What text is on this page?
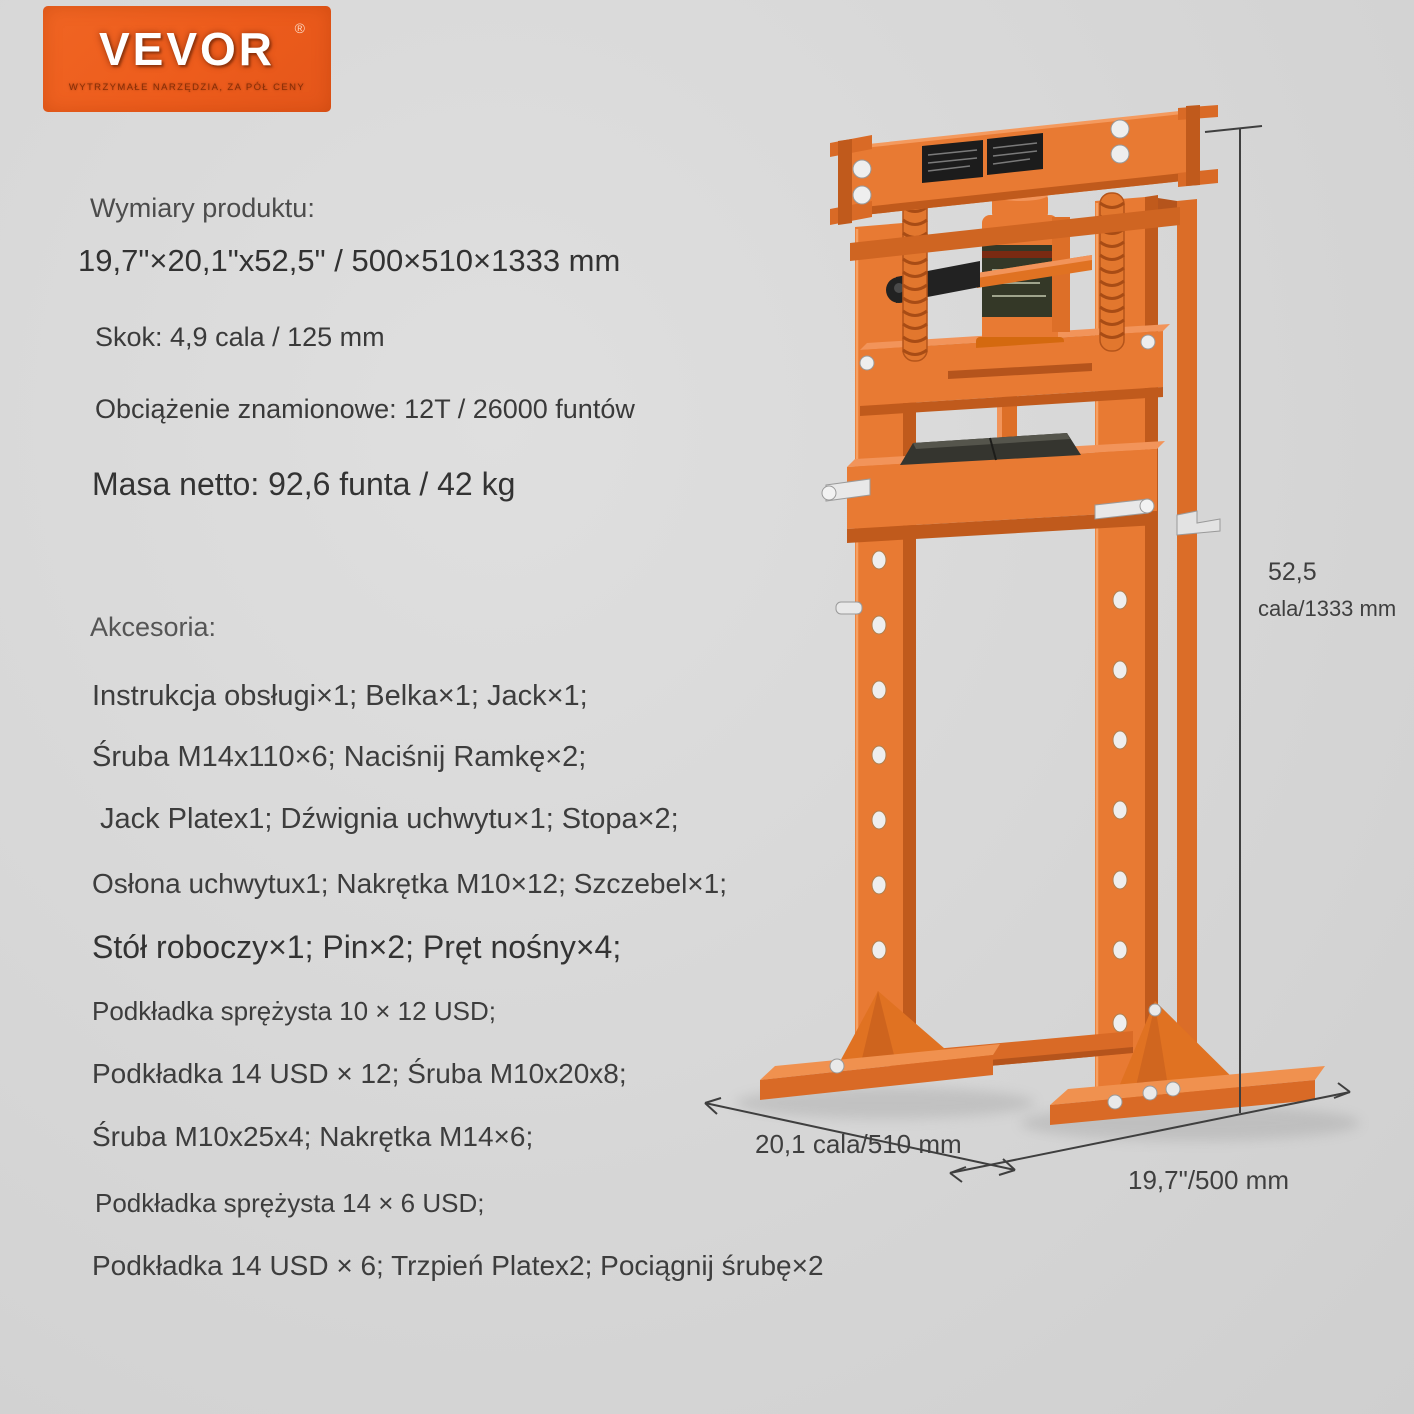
VEVOR
WYTRZYMAŁE NARZĘDZIA, ZA PÓŁ CENY
®
Wymiary produktu:
19,7"×20,1"x52,5" / 500×510×1333 mm
Skok: 4,9 cala / 125 mm
Obciążenie znamionowe: 12T / 26000 funtów
Masa netto: 92,6 funta / 42 kg
Akcesoria:
Instrukcja obsługi×1; Belka×1; Jack×1;
Śruba M14x110×6; Naciśnij Ramkę×2;
Jack Platex1; Dźwignia uchwytu×1; Stopa×2;
Osłona uchwytux1; Nakrętka M10×12; Szczebel×1;
Stół roboczy×1; Pin×2; Pręt nośny×4;
Podkładka sprężysta 10 × 12 USD;
Podkładka 14 USD × 12; Śruba M10x20x8;
Śruba M10x25x4; Nakrętka M14×6;
Podkładka sprężysta 14 × 6 USD;
Podkładka 14 USD × 6; Trzpień Platex2; Pociągnij śrubę×2
52,5
cala/1333 mm
20,1 cala/510 mm
19,7"/500 mm
